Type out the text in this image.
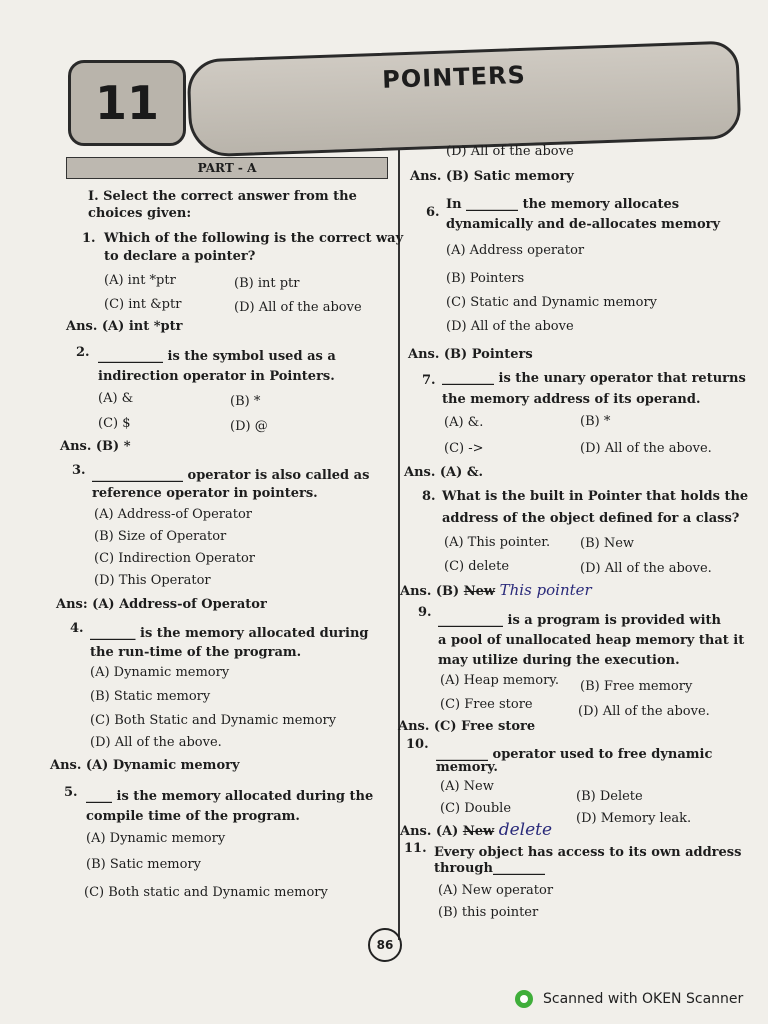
11	POINTERS
PART - A
I. Select the correct answer from the choices given:
1. Which of the following is the correct way
to declare a pointer?
(A) int *ptr	(B) int ptr
(C) int &ptr	(D) All of the above
Ans. (A) int *ptr
2. __________ is the symbol used as a
indirection operator in Pointers.
(A) &	(B) *
(C) $	(D) @
Ans. (B) *
3. ______________ operator is also called as
reference operator in pointers.
(A) Address-of Operator
(B) Size of Operator
(C) Indirection Operator
(D) This Operator
Ans: (A) Address-of Operator
4. _______ is the memory allocated during
the run-time of the program.
(A) Dynamic memory
(B) Static memory
(C) Both Static and Dynamic memory
(D) All of the above.
Ans. (A) Dynamic memory
5. ____ is the memory allocated during the
compile time of the program.
(A) Dynamic memory
(B) Satic memory
(C) Both static and Dynamic memory
(D) All of the above
Ans. (B) Satic memory
6.
In ________ the memory allocates
dynamically and de-allocates memory
(A) Address operator
(B) Pointers
(C) Static and Dynamic memory
(D) All of the above
Ans. (B) Pointers
7. ________ is the unary operator that returns
the memory address of its operand.
(A) &.	(B) *
(C) ->	(D) All of the above.
Ans. (A) &.
8. What is the built in Pointer that holds the
address of the object defined for a class?
(A) This pointer. (B) New
(C) delete	(D) All of the above.
Ans. (B) New This pointer
9.
__________ is a program is provided with
a pool of unallocated heap memory that it
may utilize during the execution.
(A) Heap memory. (B) Free memory
(C) Free store	(D) All of the above.
Ans. (C) Free store
10.
________ operator used to free dynamic
memory.
(A) New
(B) Delete
(C) Double
(D) Memory leak.
Ans. (A) New delete
11. Every object has access to its own address
through________
(A) New operator
(B) this pointer
86
Scanned with OKEN Scanner
